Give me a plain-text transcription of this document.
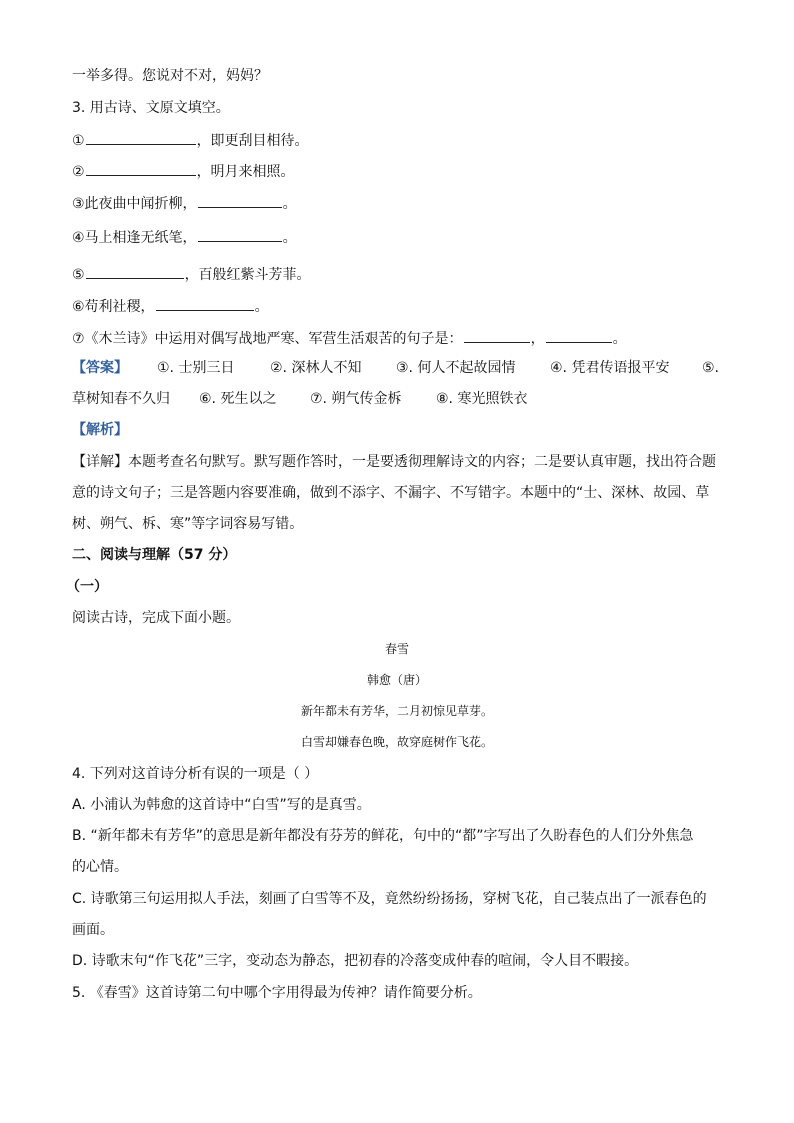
一举多得。您说对不对，妈妈？
3. 用古诗、文原文填空。
①	，即更刮目相待。
②	，明月来相照。
③此夜曲中闻折柳，	。
④马上相逢无纸笔，	。
⑤	，百般红紫斗芳菲。
⑥苟利社稷，	。
⑦《木兰诗》中运用对偶写战地严寒、军营生活艰苦的句子是：	，	。
【答案】 ①. 士别三日	②. 深林人不知 ③. 何人不起故园情 ④. 凭君传语报平安 ⑤.
草树知春不久归 ⑥. 死生以之 ⑦. 朔气传金柝 ⑧. 寒光照铁衣
【解析】
【详解】本题考查名句默写。默写题作答时，一是要透彻理解诗文的内容；二是要认真审题，找出符合题
意的诗文句子；三是答题内容要准确，做到不添字、不漏字、不写错字。本题中的“士、深林、故园、草
树、朔气、柝、寒”等字词容易写错。
二、阅读与理解（57 分）
（一）
阅读古诗，完成下面小题。
春雪
韩愈（唐）
新年都未有芳华，二月初惊见草芽。
白雪却嫌春色晚，故穿庭树作飞花。
4. 下列对这首诗分析有误的一项是（ ）
A. 小浦认为韩愈的这首诗中“白雪”写的是真雪。
B. “新年都未有芳华”的意思是新年都没有芬芳的鲜花，句中的“都”字写出了久盼春色的人们分外焦急
的心情。
C. 诗歌第三句运用拟人手法，刻画了白雪等不及，竟然纷纷扬扬，穿树飞花，自己装点出了一派春色的
画面。
D. 诗歌末句“作飞花”三字，变动态为静态，把初春的冷落变成仲春的喧闹，令人目不暇接。
5. 《春雪》这首诗第二句中哪个字用得最为传神？请作简要分析。
